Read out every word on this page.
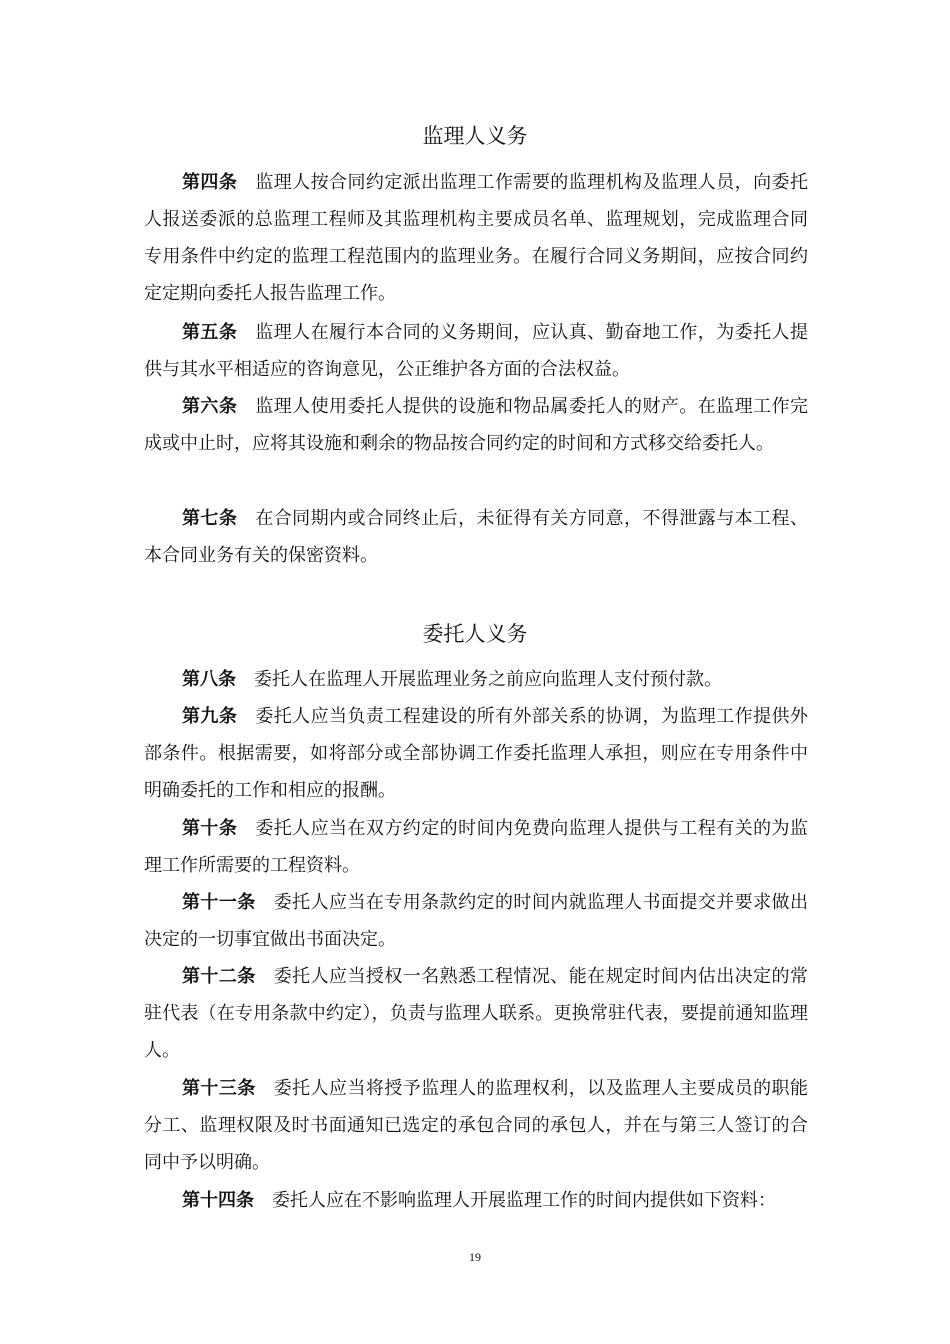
监理人义务

第四条 监理人按合同约定派出监理工作需要的监理机构及监理人员，向委托人报送委派的总监理工程师及其监理机构主要成员名单、监理规划，完成监理合同专用条件中约定的监理工程范围内的监理业务。在履行合同义务期间，应按合同约定定期向委托人报告监理工作。

第五条 监理人在履行本合同的义务期间，应认真、勤奋地工作，为委托人提供与其水平相适应的咨询意见，公正维护各方面的合法权益。

第六条 监理人使用委托人提供的设施和物品属委托人的财产。在监理工作完成或中止时，应将其设施和剩余的物品按合同约定的时间和方式移交给委托人。

第七条 在合同期内或合同终止后，未征得有关方同意，不得泄露与本工程、本合同业务有关的保密资料。

委托人义务

第八条 委托人在监理人开展监理业务之前应向监理人支付预付款。

第九条 委托人应当负责工程建设的所有外部关系的协调，为监理工作提供外部条件。根据需要，如将部分或全部协调工作委托监理人承担，则应在专用条件中明确委托的工作和相应的报酬。

第十条 委托人应当在双方约定的时间内免费向监理人提供与工程有关的为监理工作所需要的工程资料。

第十一条 委托人应当在专用条款约定的时间内就监理人书面提交并要求做出决定的一切事宜做出书面决定。

第十二条 委托人应当授权一名熟悉工程情况、能在规定时间内估出决定的常驻代表（在专用条款中约定），负责与监理人联系。更换常驻代表，要提前通知监理人。

第十三条 委托人应当将授予监理人的监理权利，以及监理人主要成员的职能分工、监理权限及时书面通知已选定的承包合同的承包人，并在与第三人签订的合同中予以明确。

第十四条 委托人应在不影响监理人开展监理工作的时间内提供如下资料：

19
